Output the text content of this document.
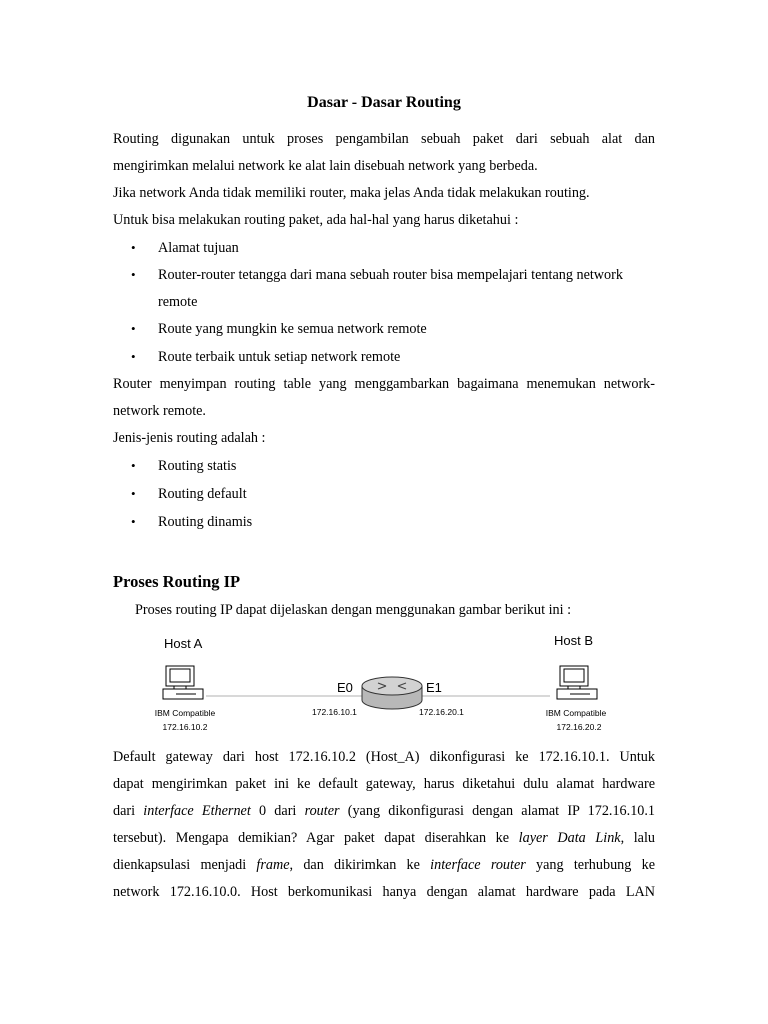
Dasar - Dasar Routing
Routing digunakan untuk proses pengambilan sebuah paket dari sebuah alat dan
mengirimkan melalui network ke alat lain disebuah network yang berbeda.
Jika network Anda tidak memiliki router, maka jelas Anda tidak melakukan routing.
Untuk bisa melakukan routing paket, ada hal-hal yang harus diketahui :
• Alamat tujuan
• Router-router tetangga dari mana sebuah router bisa mempelajari tentang network
remote
• Route yang mungkin ke semua network remote
• Route terbaik untuk setiap network remote
Router menyimpan routing table yang menggambarkan bagaimana menemukan network-
network remote.
Jenis-jenis routing adalah :
• Routing statis
• Routing default
• Routing dinamis
Proses Routing IP
Proses routing IP dapat dijelaskan dengan menggunakan gambar berikut ini :
Host A	Host B
IBM Compatible
172.16.10.2
E0	E1
172.16.10.1	172.16.20.1	IBM Compatible
172.16.20.2
Default gateway dari host 172.16.10.2 (Host_A) dikonfigurasi ke 172.16.10.1. Untuk
dapat mengirimkan paket ini ke default gateway, harus diketahui dulu alamat hardware
dari interface Ethernet 0 dari router (yang dikonfigurasi dengan alamat IP 172.16.10.1
tersebut). Mengapa demikian? Agar paket dapat diserahkan ke layer Data Link, lalu
dienkapsulasi menjadi frame, dan dikirimkan ke interface router yang terhubung ke
network 172.16.10.0. Host berkomunikasi hanya dengan alamat hardware pada LAN
